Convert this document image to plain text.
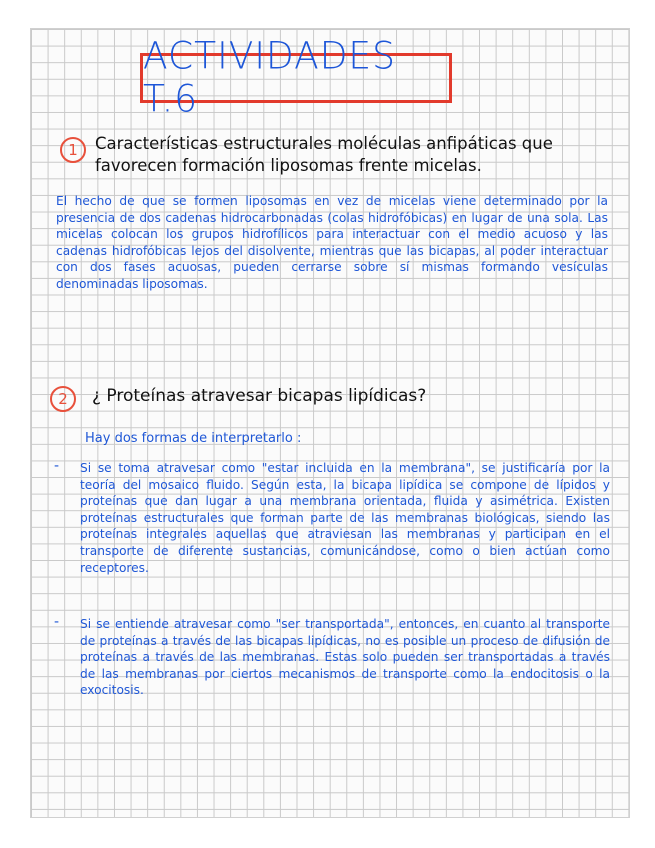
ACTIVIDADES T.6
1	Características estructurales moléculas anfipáticas que favorecen formación liposomas frente micelas.
El hecho de que se formen liposomas en vez de micelas viene determinado por la presencia de dos cadenas hidrocarbonadas (colas hidrofóbicas) en lugar de una sola. Las micelas colocan los grupos hidrofílicos para interactuar con el medio acuoso y las cadenas hidrofóbicas lejos del disolvente, mientras que las bicapas, al poder interactuar con dos fases acuosas, pueden cerrarse sobre sí mismas formando vesículas denominadas liposomas.
2	¿ Proteínas atravesar bicapas lipídicas?
Hay dos formas de interpretarlo :
-	Si se toma atravesar como "estar incluida en la membrana", se justificaría por la teoría del mosaico fluido. Según esta, la bicapa lipídica se compone de lípidos y proteínas que dan lugar a una membrana orientada, fluida y asimétrica. Existen proteínas estructurales que forman parte de las membranas biológicas, siendo las proteínas integrales aquellas que atraviesan las membranas y participan en el transporte de diferente sustancias, comunicándose, como o bien actúan como receptores.
-	Si se entiende atravesar como "ser transportada", entonces, en cuanto al transporte de proteínas a través de las bicapas lipídicas, no es posible un proceso de difusión de proteínas a través de las membranas. Estas solo pueden ser transportadas a través de las membranas por ciertos mecanismos de transporte como la endocitosis o la exocitosis.
